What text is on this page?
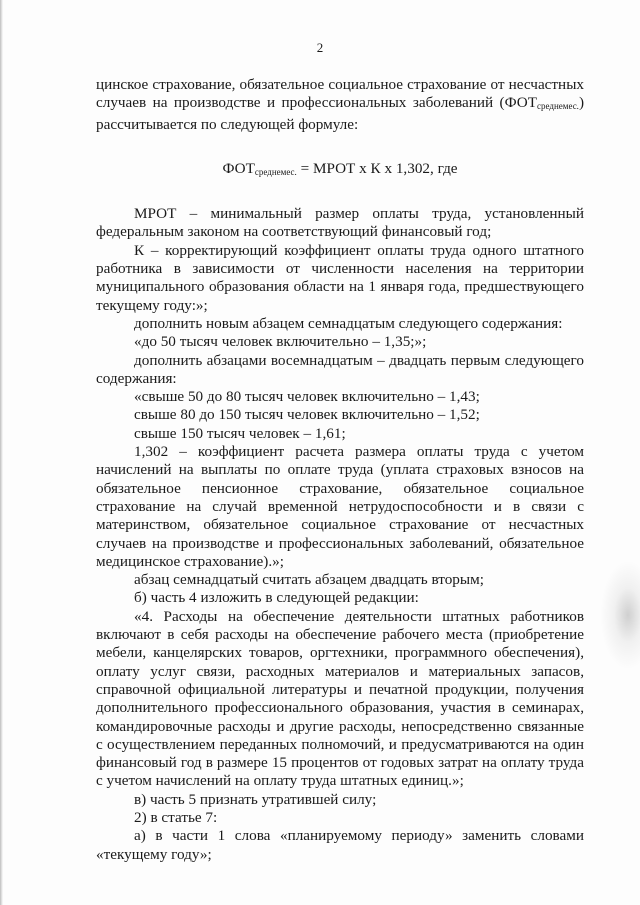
2

цинское страхование, обязательное социальное страхование от несчастных случаев на производстве и профессиональных заболеваний (ФОТсреднемес.) рассчитывается по следующей формуле:

$ФОТ_{среднемес.}$ = МРОТ х К х 1,302, где

МРОТ – минимальный размер оплаты труда, установленный федеральным законом на соответствующий финансовый год;

К – корректирующий коэффициент оплаты труда одного штатного работника в зависимости от численности населения на территории муниципального образования области на 1 января года, предшествующего текущему году:»;

дополнить новым абзацем семнадцатым следующего содержания:

«до 50 тысяч человек включительно – 1,35;»;

дополнить абзацами восемнадцатым – двадцать первым следующего содержания:

«свыше 50 до 80 тысяч человек включительно – 1,43;

свыше 80 до 150 тысяч человек включительно – 1,52;

свыше 150 тысяч человек – 1,61;

1,302 – коэффициент расчета размера оплаты труда с учетом начислений на выплаты по оплате труда (уплата страховых взносов на обязательное пенсионное страхование, обязательное социальное страхование на случай временной нетрудоспособности и в связи с материнством, обязательное социальное страхование от несчастных случаев на производстве и профессиональных заболеваний, обязательное медицинское страхование).»;

абзац семнадцатый считать абзацем двадцать вторым;

б) часть 4 изложить в следующей редакции:

«4. Расходы на обеспечение деятельности штатных работников включают в себя расходы на обеспечение рабочего места (приобретение мебели, канцелярских товаров, оргтехники, программного обеспечения), оплату услуг связи, расходных материалов и материальных запасов, справочной официальной литературы и печатной продукции, получения дополнительного профессионального образования, участия в семинарах, командировочные расходы и другие расходы, непосредственно связанные с осуществлением переданных полномочий, и предусматриваются на один финансовый год в размере 15 процентов от годовых затрат на оплату труда с учетом начислений на оплату труда штатных единиц.»;

в) часть 5 признать утратившей силу;

2) в статье 7:

а) в части 1 слова «планируемому периоду» заменить словами «текущему году»;
